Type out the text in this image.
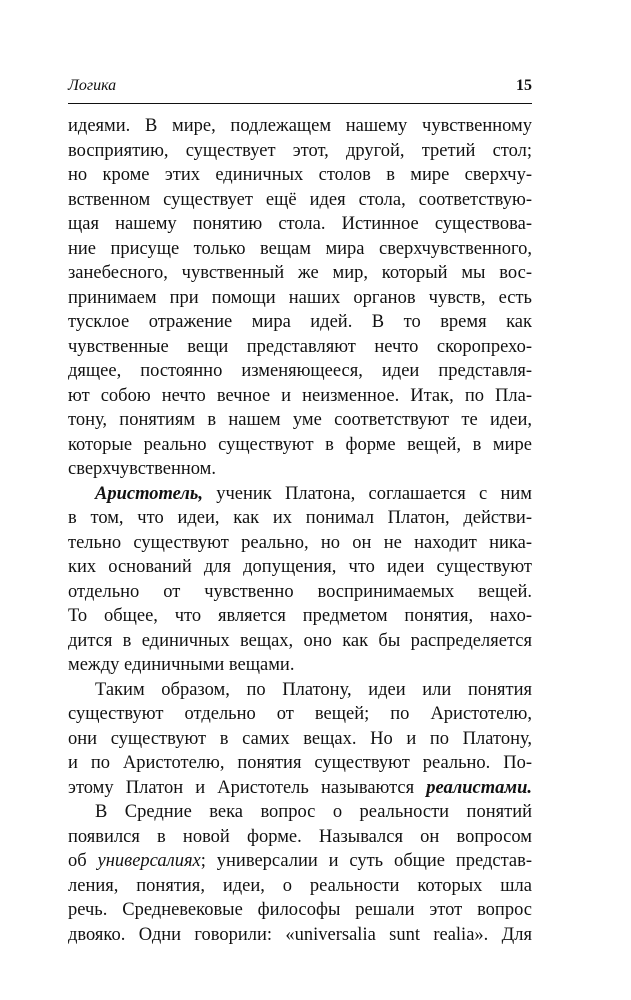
Логика	15
идеями. В мире, подлежащем нашему чувственному
восприятию, существует этот, другой, третий стол;
но кроме этих единичных столов в мире сверхчу-
вственном существует ещё идея стола, соответствую-
щая нашему понятию стола. Истинное существова-
ние присуще только вещам мира сверхчувственного,
занебесного, чувственный же мир, который мы вос-
принимаем при помощи наших органов чувств, есть
тусклое отражение мира идей. В то время как
чувственные вещи представляют нечто скоропрехо-
дящее, постоянно изменяющееся, идеи представля-
ют собою нечто вечное и неизменное. Итак, по Пла-
тону, понятиям в нашем уме соответствуют те идеи,
которые реально существуют в форме вещей, в мире
сверхчувственном.
Аристотель, ученик Платона, соглашается с ним
в том, что идеи, как их понимал Платон, действи-
тельно существуют реально, но он не находит ника-
ких оснований для допущения, что идеи существуют
отдельно от чувственно воспринимаемых вещей.
То общее, что является предметом понятия, нахо-
дится в единичных вещах, оно как бы распределяется
между единичными вещами.
Таким образом, по Платону, идеи или понятия
существуют отдельно от вещей; по Аристотелю,
они существуют в самих вещах. Но и по Платону,
и по Аристотелю, понятия существуют реально. По-
этому Платон и Аристотель называются реалистами.
В Средние века вопрос о реальности понятий
появился в новой форме. Назывался он вопросом
об универсалиях; универсалии и суть общие представ-
ления, понятия, идеи, о реальности которых шла
речь. Средневековые философы решали этот вопрос
двояко. Одни говорили: «universalia sunt realia». Для
